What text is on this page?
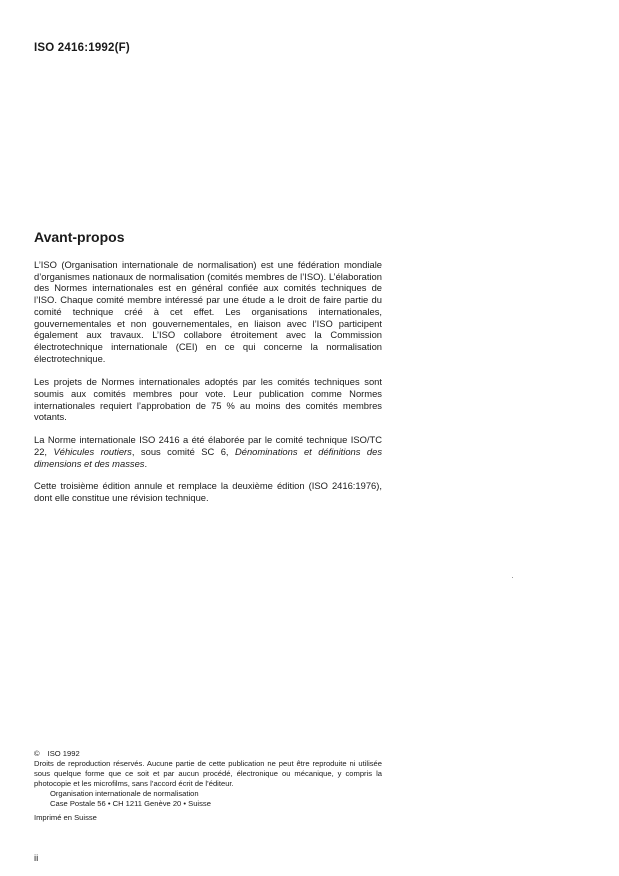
ISO 2416:1992(F)
Avant-propos

L’ISO (Organisation internationale de normalisation) est une fédération mondiale d’organismes nationaux de normalisation (comités membres de l’ISO). L’élaboration des Normes internationales est en général confiée aux comités techniques de l’ISO. Chaque comité membre intéressé par une étude a le droit de faire partie du comité technique créé à cet effet. Les organisations internationales, gouvernementales et non gouvernementales, en liaison avec l’ISO participent également aux travaux. L’ISO collabore étroitement avec la Commission électrotechnique internationale (CEI) en ce qui concerne la normalisation électrotechnique.

Les projets de Normes internationales adoptés par les comités techniques sont soumis aux comités membres pour vote. Leur publication comme Normes internationales requiert l’approbation de 75 % au moins des comités membres votants.

La Norme internationale ISO 2416 a été élaborée par le comité technique ISO/TC 22, Véhicules routiers, sous comité SC 6, Dénominations et définitions des dimensions et des masses.

Cette troisième édition annule et remplace la deuxième édition (ISO 2416:1976), dont elle constitue une révision technique.

© ISO 1992
Droits de reproduction réservés. Aucune partie de cette publication ne peut être reproduite ni utilisée sous quelque forme que ce soit et par aucun procédé, électronique ou mécanique, y compris la photocopie et les microfilms, sans l’accord écrit de l’éditeur.
Organisation internationale de normalisation
Case Postale 56 • CH 1211 Genève 20 • Suisse
Imprimé en Suisse
ii
